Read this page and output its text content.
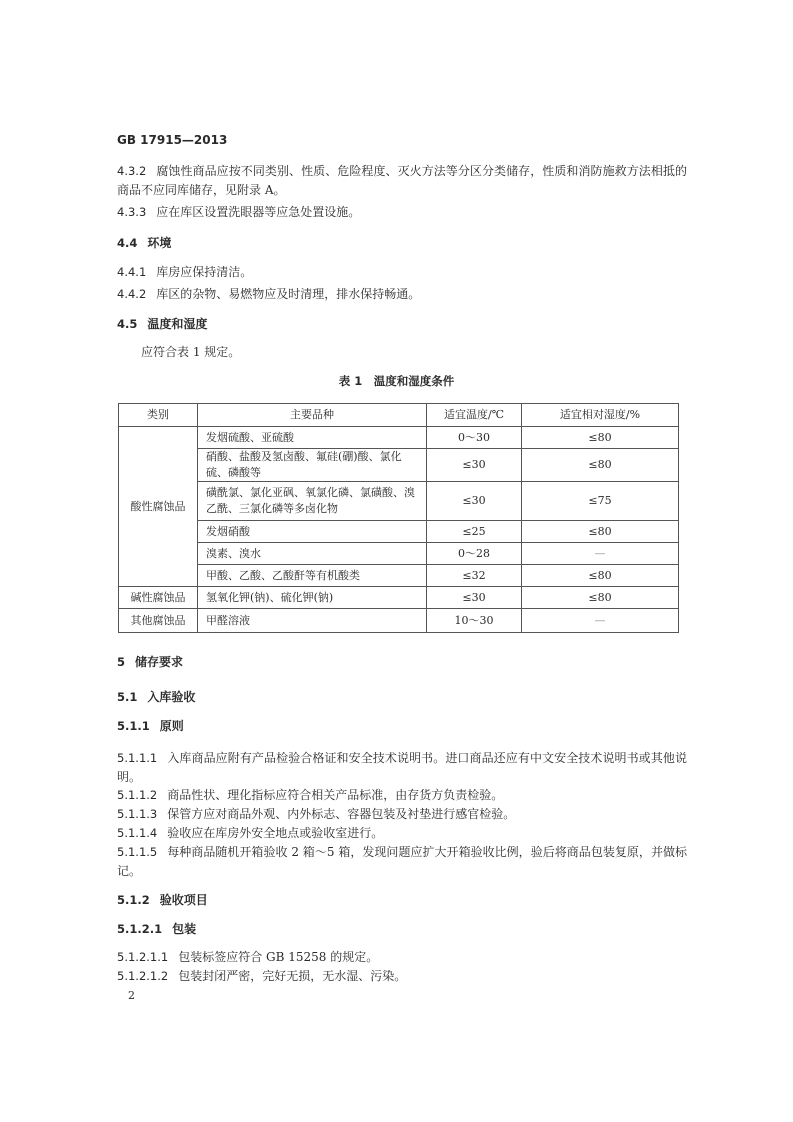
GB 17915—2013
4.3.2 腐蚀性商品应按不同类别、性质、危险程度、灭火方法等分区分类储存，性质和消防施救方法相抵的商品不应同库储存，见附录 A。
4.3.3 应在库区设置洗眼器等应急处置设施。
4.4 环境
4.4.1 库房应保持清洁。
4.4.2 库区的杂物、易燃物应及时清理，排水保持畅通。
4.5 温度和湿度
应符合表 1 规定。
表 1　温度和湿度条件
类别	主要品种	适宜温度/℃	适宜相对湿度/%
酸性腐蚀品	发烟硫酸、亚硫酸	0～30	≤80
	硝酸、盐酸及氢卤酸、氟硅(硼)酸、氯化硫、磷酸等	≤30	≤80
	磺酰氯、氯化亚砜、氧氯化磷、氯磺酸、溴乙酰、三氯化磷等多卤化物	≤30	≤75
	发烟硝酸	≤25	≤80
	溴素、溴水	0～28	—
	甲酸、乙酸、乙酸酐等有机酸类	≤32	≤80
碱性腐蚀品	氢氧化钾(钠)、硫化钾(钠)	≤30	≤80
其他腐蚀品	甲醛溶液	10～30	—
5 储存要求
5.1 入库验收
5.1.1 原则
5.1.1.1 入库商品应附有产品检验合格证和安全技术说明书。进口商品还应有中文安全技术说明书或其他说明。
5.1.1.2 商品性状、理化指标应符合相关产品标准，由存货方负责检验。
5.1.1.3 保管方应对商品外观、内外标志、容器包装及衬垫进行感官检验。
5.1.1.4 验收应在库房外安全地点或验收室进行。
5.1.1.5 每种商品随机开箱验收 2 箱～5 箱，发现问题应扩大开箱验收比例，验后将商品包装复原，并做标记。
5.1.2 验收项目
5.1.2.1 包装
5.1.2.1.1 包装标签应符合 GB 15258 的规定。
5.1.2.1.2 包装封闭严密，完好无损，无水湿、污染。
2
